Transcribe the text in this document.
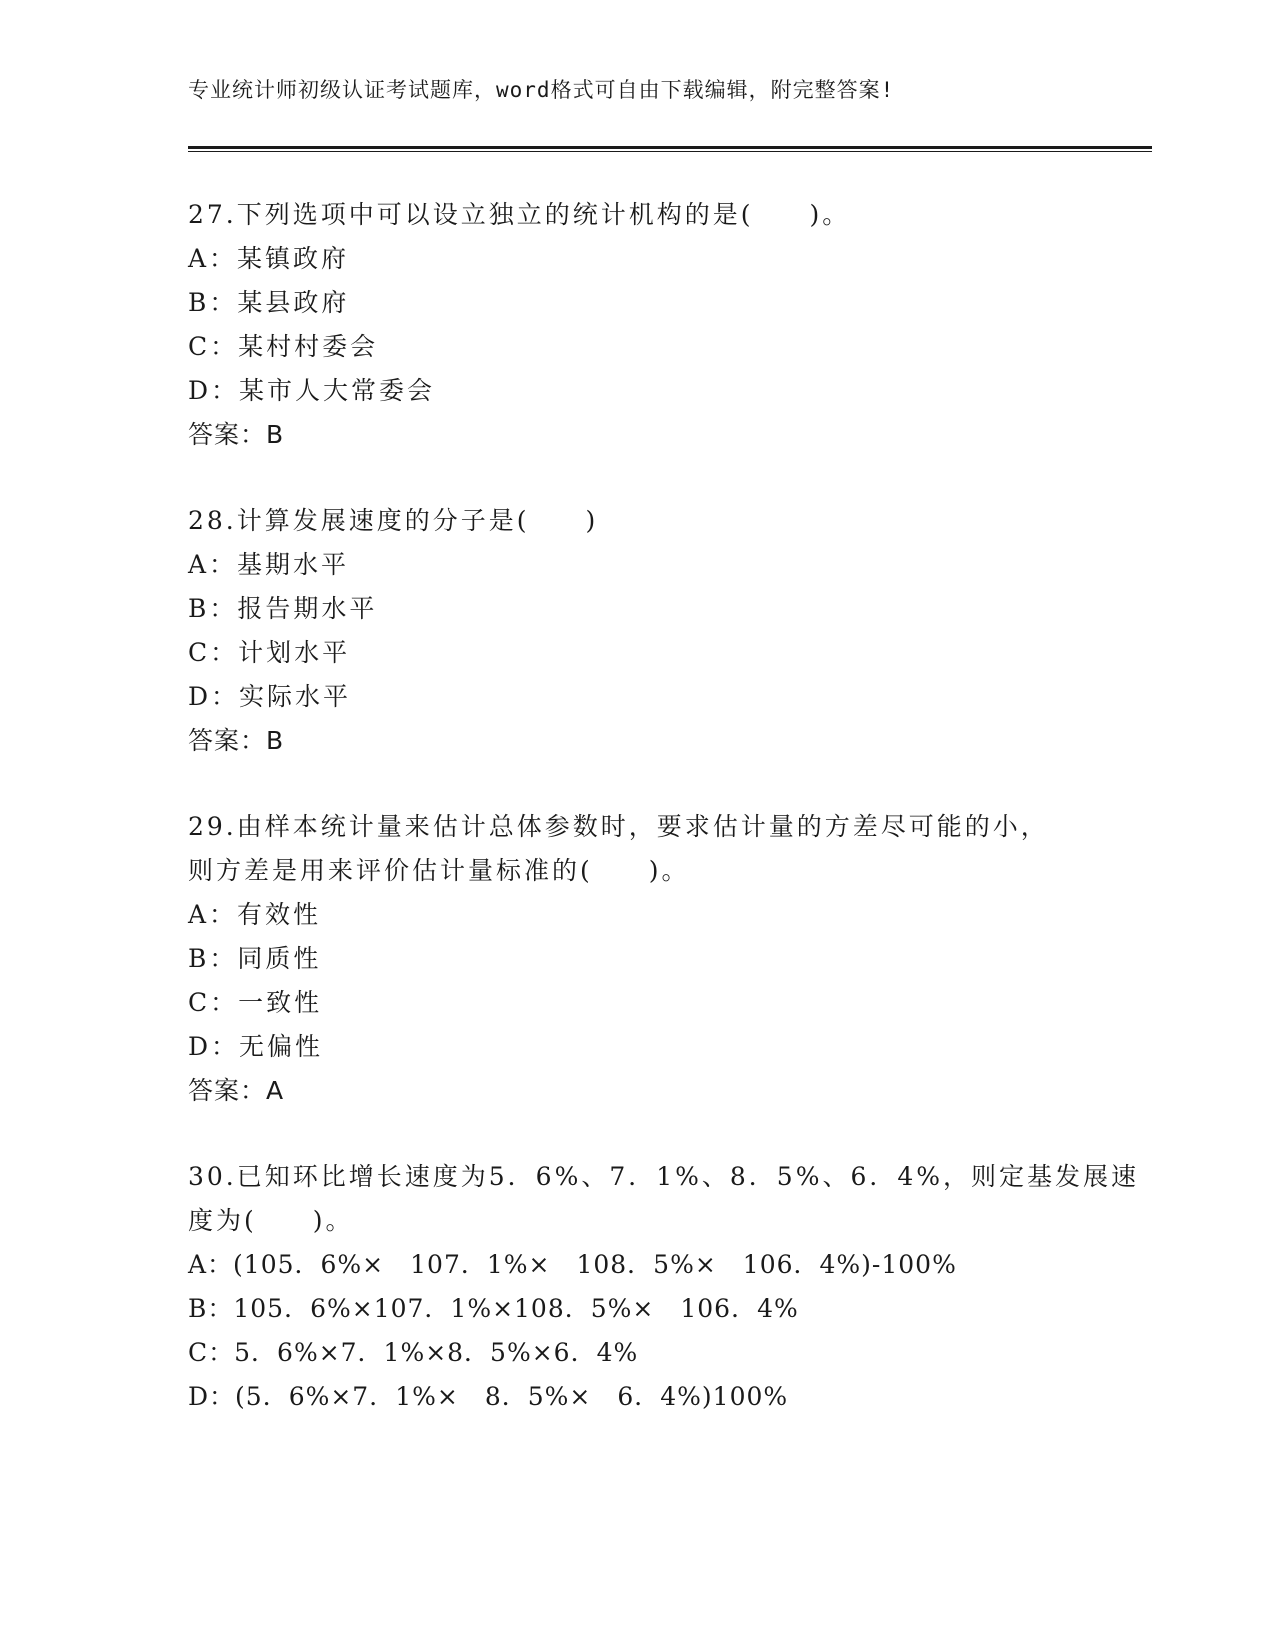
专业统计师初级认证考试题库，word格式可自由下载编辑，附完整答案!
27.下列选项中可以设立独立的统计机构的是(　　)。
A：某镇政府
B：某县政府
C：某村村委会
D：某市人大常委会
答案：B
28.计算发展速度的分子是(　　)
A：基期水平
B：报告期水平
C：计划水平
D：实际水平
答案：B
29.由样本统计量来估计总体参数时，要求估计量的方差尽可能的小，
则方差是用来评价估计量标准的(　　)。
A：有效性
B：同质性
C：一致性
D：无偏性
答案：A
30.已知环比增长速度为5．6%、7．1%、8．5%、6．4%，则定基发展速
度为(　　)。
A：(105．6%×　107．1%×　108．5%×　106．4%)-100%
B：105．6%×107．1%×108．5%×　106．4%
C：5．6%×7．1%×8．5%×6．4%
D：(5．6%×7．1%×　8．5%×　6．4%)100%
